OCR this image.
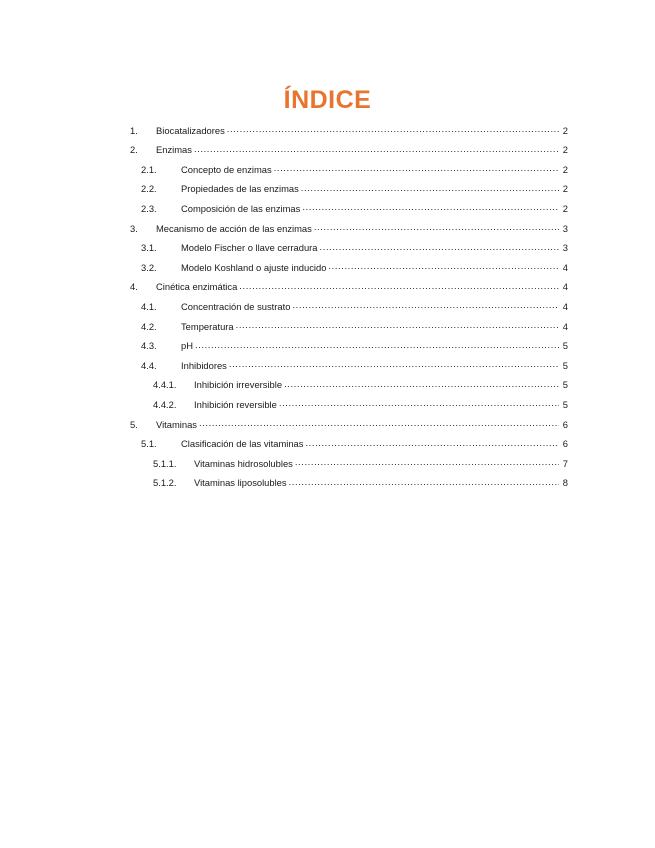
ÍNDICE
1.	Biocatalizadores .....	2
2.	Enzimas .....	2
2.1.	Concepto de enzimas .....	2
2.2.	Propiedades de las enzimas .....	2
2.3.	Composición de las enzimas .....	2
3.	Mecanismo de acción de las enzimas .....	3
3.1.	Modelo Fischer o llave cerradura .....	3
3.2.	Modelo Koshland o ajuste inducido .....	4
4.	Cinética enzimática .....	4
4.1.	Concentración de sustrato .....	4
4.2.	Temperatura .....	4
4.3.	pH .....	5
4.4.	Inhibidores .....	5
4.4.1.	Inhibición irreversible .....	5
4.4.2.	Inhibición reversible .....	5
5.	Vitaminas .....	6
5.1.	Clasificación de las vitaminas .....	6
5.1.1.	Vitaminas hidrosolubles .....	7
5.1.2.	Vitaminas liposolubles .....	8
